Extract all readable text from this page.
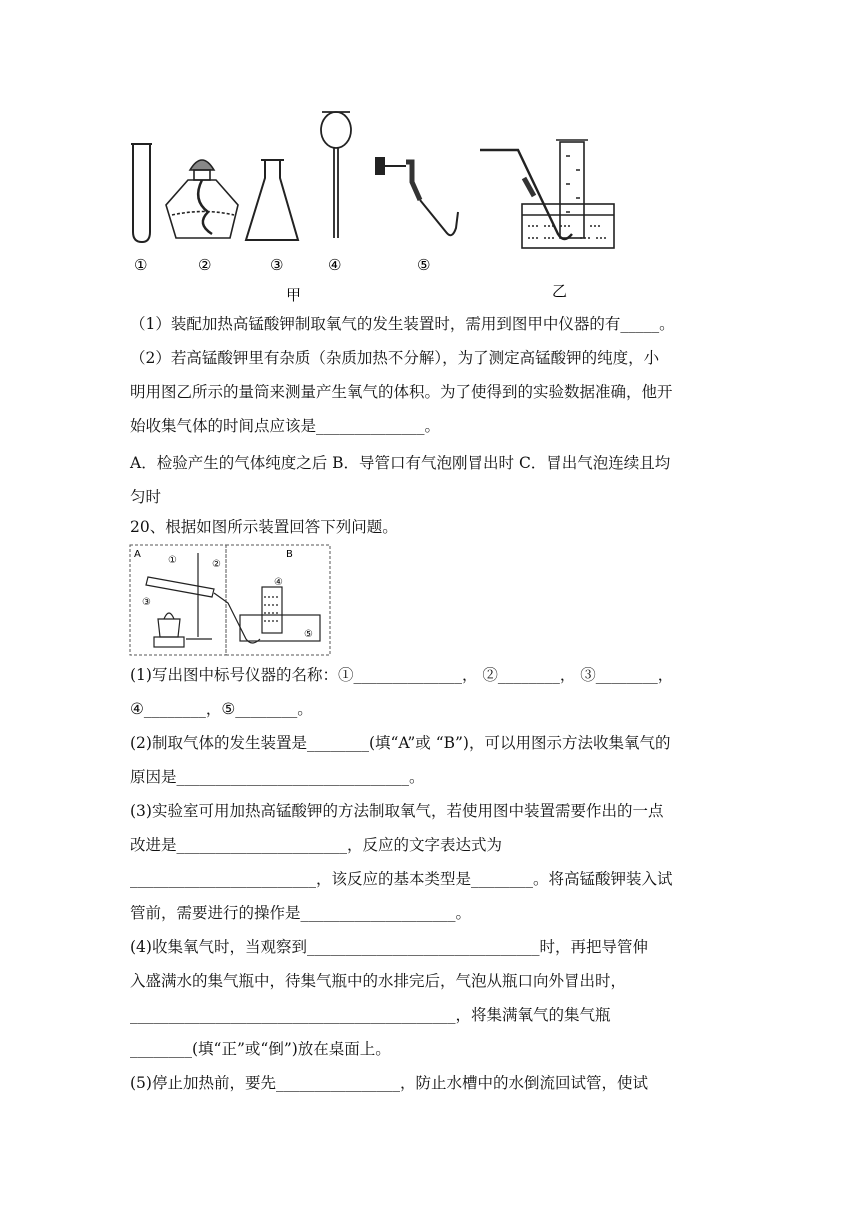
①	②	③	④	⑤
甲	乙
A	B
①	②
③
④
⑤
（1）装配加热高锰酸钾制取氧气的发生装置时，需用到图甲中仪器的有_____。
（2）若高锰酸钾里有杂质（杂质加热不分解），为了测定高锰酸钾的纯度，小
明用图乙所示的量筒来测量产生氧气的体积。为了使得到的实验数据准确，他开
始收集气体的时间点应该是______________。
A．检验产生的气体纯度之后 B．导管口有气泡刚冒出时 C．冒出气泡连续且均
匀时
20、根据如图所示装置回答下列问题。
(1)写出图中标号仪器的名称：①______________， ②________， ③________，
④________，⑤________。
(2)制取气体的发生装置是________(填“A”或 “B”)，可以用图示方法收集氧气的
原因是______________________________。
(3)实验室可用加热高锰酸钾的方法制取氧气，若使用图中装置需要作出的一点
改进是______________________，反应的文字表达式为
________________________，该反应的基本类型是________。将高锰酸钾装入试
管前，需要进行的操作是____________________。
(4)收集氧气时，当观察到______________________________时，再把导管伸
入盛满水的集气瓶中，待集气瓶中的水排完后，气泡从瓶口向外冒出时，
__________________________________________，将集满氧气的集气瓶
________(填“正”或“倒”)放在桌面上。
(5)停止加热前，要先________________，防止水槽中的水倒流回试管，使试
